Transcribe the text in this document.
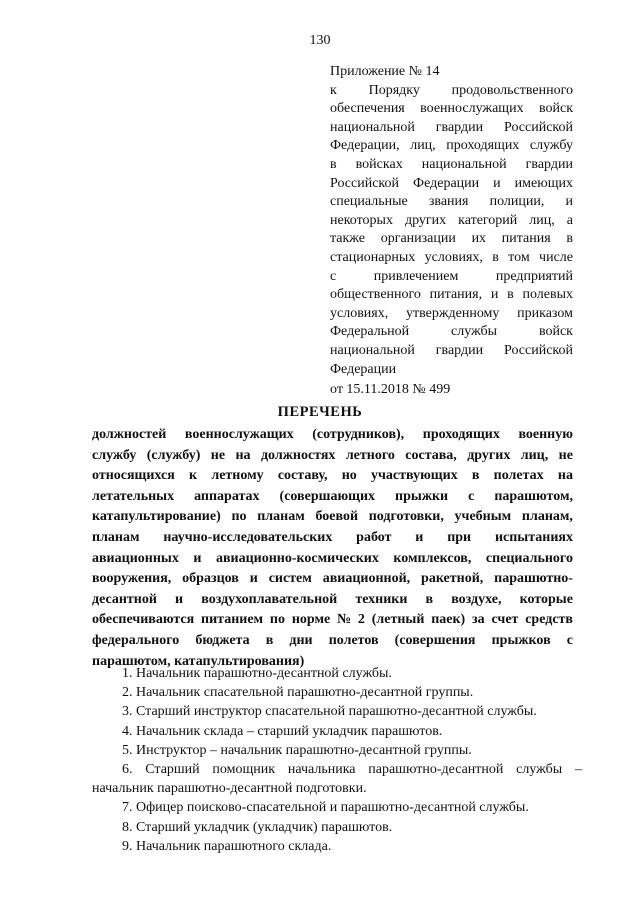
130
Приложение № 14
к Порядку продовольственного
обеспечения военнослужащих войск
национальной гвардии Российской
Федерации, лиц, проходящих службу
в войсках национальной гвардии
Российской Федерации и имеющих
специальные звания полиции, и
некоторых других категорий лиц, а
также организации их питания в
стационарных условиях, в том числе
с	привлечением	предприятий
общественного питания, и в полевых
условиях, утвержденному приказом
Федеральной	службы	войск
национальной гвардии Российской
Федерации
от 15.11.2018 № 499
ПЕРЕЧЕНЬ
должностей военнослужащих (сотрудников), проходящих военную
службу (службу) не на должностях летного состава, других лиц, не
относящихся к летному составу, но участвующих в полетах на
летательных аппаратах (совершающих прыжки с парашютом,
катапультирование) по планам боевой подготовки, учебным планам,
планам научно-исследовательских работ и при испытаниях
авиационных и авиационно-космических комплексов, специального
вооружения, образцов и систем авиационной, ракетной, парашютно-
десантной и воздухоплавательной техники в воздухе, которые
обеспечиваются питанием по норме № 2 (летный паек) за счет средств
федерального бюджета в дни полетов (совершения прыжков с
парашютом, катапультирования)
1. Начальник парашютно-десантной службы.
2. Начальник спасательной парашютно-десантной группы.
3. Старший инструктор спасательной парашютно-десантной службы.
4. Начальник склада – старший укладчик парашютов.
5. Инструктор – начальник парашютно-десантной группы.
6. Старший помощник начальника парашютно-десантной службы –
начальник парашютно-десантной подготовки.
7. Офицер поисково-спасательной и парашютно-десантной службы.
8. Старший укладчик (укладчик) парашютов.
9. Начальник парашютного склада.
